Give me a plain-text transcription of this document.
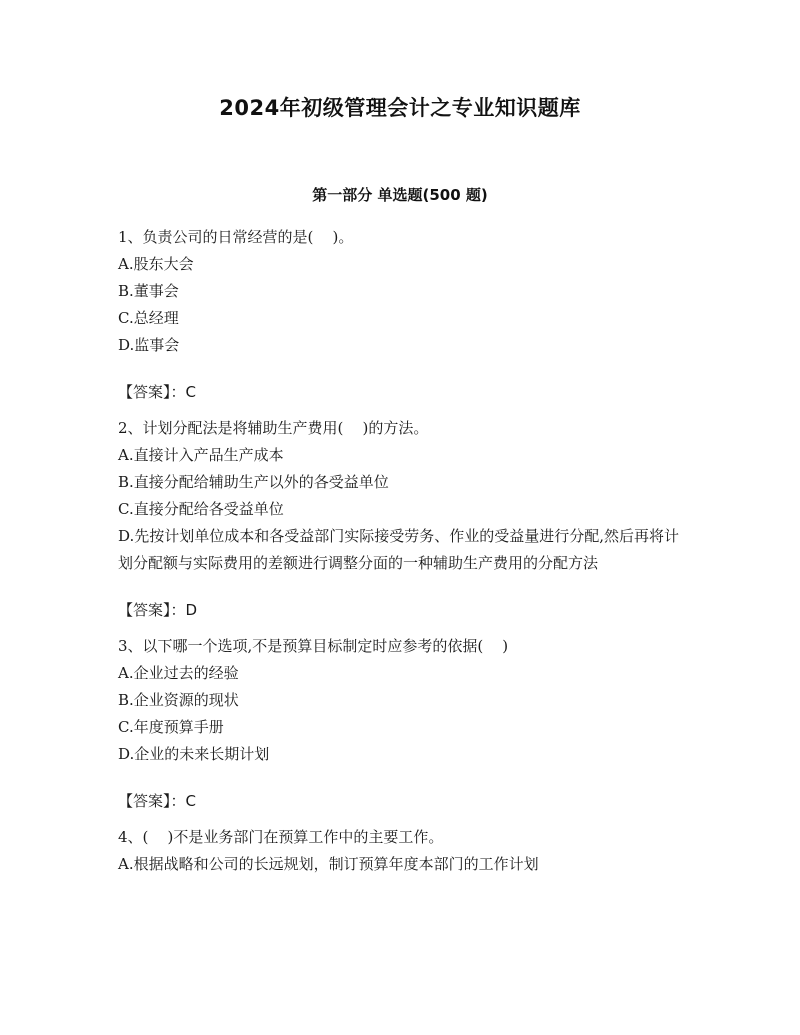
2024年初级管理会计之专业知识题库
第一部分 单选题(500 题)
1、负责公司的日常经营的是(    )。
A.股东大会
B.董事会
C.总经理
D.监事会
【答案】：C
2、计划分配法是将辅助生产费用(    )的方法。
A.直接计入产品生产成本
B.直接分配给辅助生产以外的各受益单位
C.直接分配给各受益单位
D.先按计划单位成本和各受益部门实际接受劳务、作业的受益量进行分配,然后再将计划分配额与实际费用的差额进行调整分面的一种辅助生产费用的分配方法
【答案】：D
3、以下哪一个选项,不是预算目标制定时应参考的依据(    )
A.企业过去的经验
B.企业资源的现状
C.年度预算手册
D.企业的未来长期计划
【答案】：C
4、(    )不是业务部门在预算工作中的主要工作。
A.根据战略和公司的长远规划，制订预算年度本部门的工作计划
